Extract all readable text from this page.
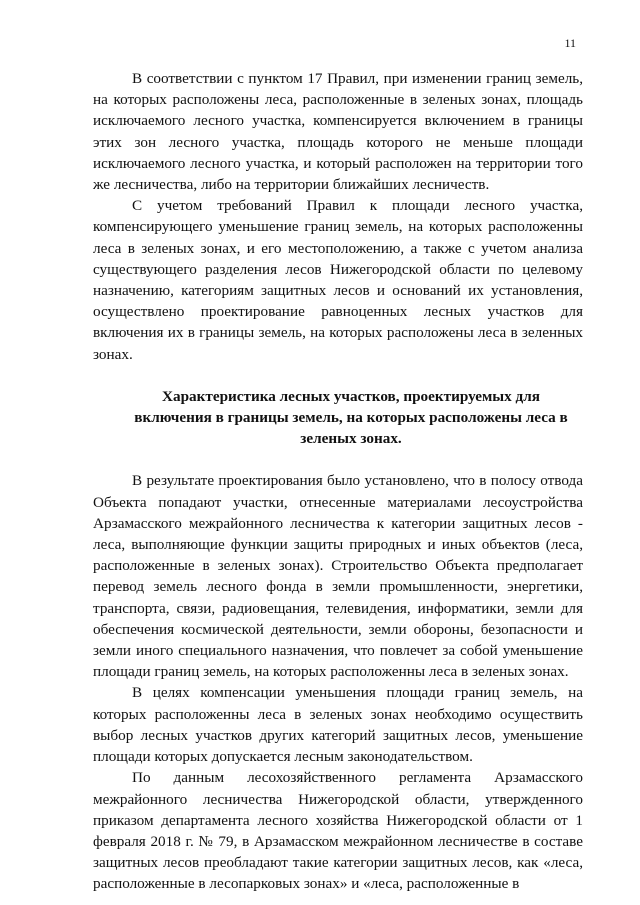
11

В соответствии с пунктом 17 Правил, при изменении границ земель, на которых расположены леса, расположенные в зеленых зонах, площадь исключаемого лесного участка, компенсируется включением в границы этих зон лесного участка, площадь которого не меньше площади исключаемого лесного участка, и который расположен на территории того же лесничества, либо на территории ближайших лесничеств.

С учетом требований Правил к площади лесного участка, компенсирующего уменьшение границ земель, на которых расположенны леса в зеленых зонах, и его местоположению, а также с учетом анализа существующего разделения лесов Нижегородской области по целевому назначению, категориям защитных лесов и оснований их установления, осуществлено проектирование равноценных лесных участков для включения их в границы земель, на которых расположены леса в зеленных зонах.

Характеристика лесных участков, проектируемых для включения в границы земель, на которых расположены леса в зеленых зонах.

В результате проектирования было установлено, что в полосу отвода Объекта попадают участки, отнесенные материалами лесоустройства Арзамасского межрайонного лесничества к категории защитных лесов - леса, выполняющие функции защиты природных и иных объектов (леса, расположенные в зеленых зонах). Строительство Объекта предполагает перевод земель лесного фонда в земли промышленности, энергетики, транспорта, связи, радиовещания, телевидения, информатики, земли для обеспечения космической деятельности, земли обороны, безопасности и земли иного специального назначения, что повлечет за собой уменьшение площади границ земель, на которых расположенны леса в зеленых зонах.

В целях компенсации уменьшения площади границ земель, на которых расположенны леса в зеленых зонах необходимо осуществить выбор лесных участков других категорий защитных лесов, уменьшение площади которых допускается лесным законодательством.

По данным лесохозяйственного регламента Арзамасского межрайонного лесничества Нижегородской области, утвержденного приказом департамента лесного хозяйства Нижегородской области от 1 февраля 2018 г. № 79, в Арзамасском межрайонном лесничестве в составе защитных лесов преобладают такие категории защитных лесов, как «леса, расположенные в лесопарковых зонах» и «леса, расположенные в
